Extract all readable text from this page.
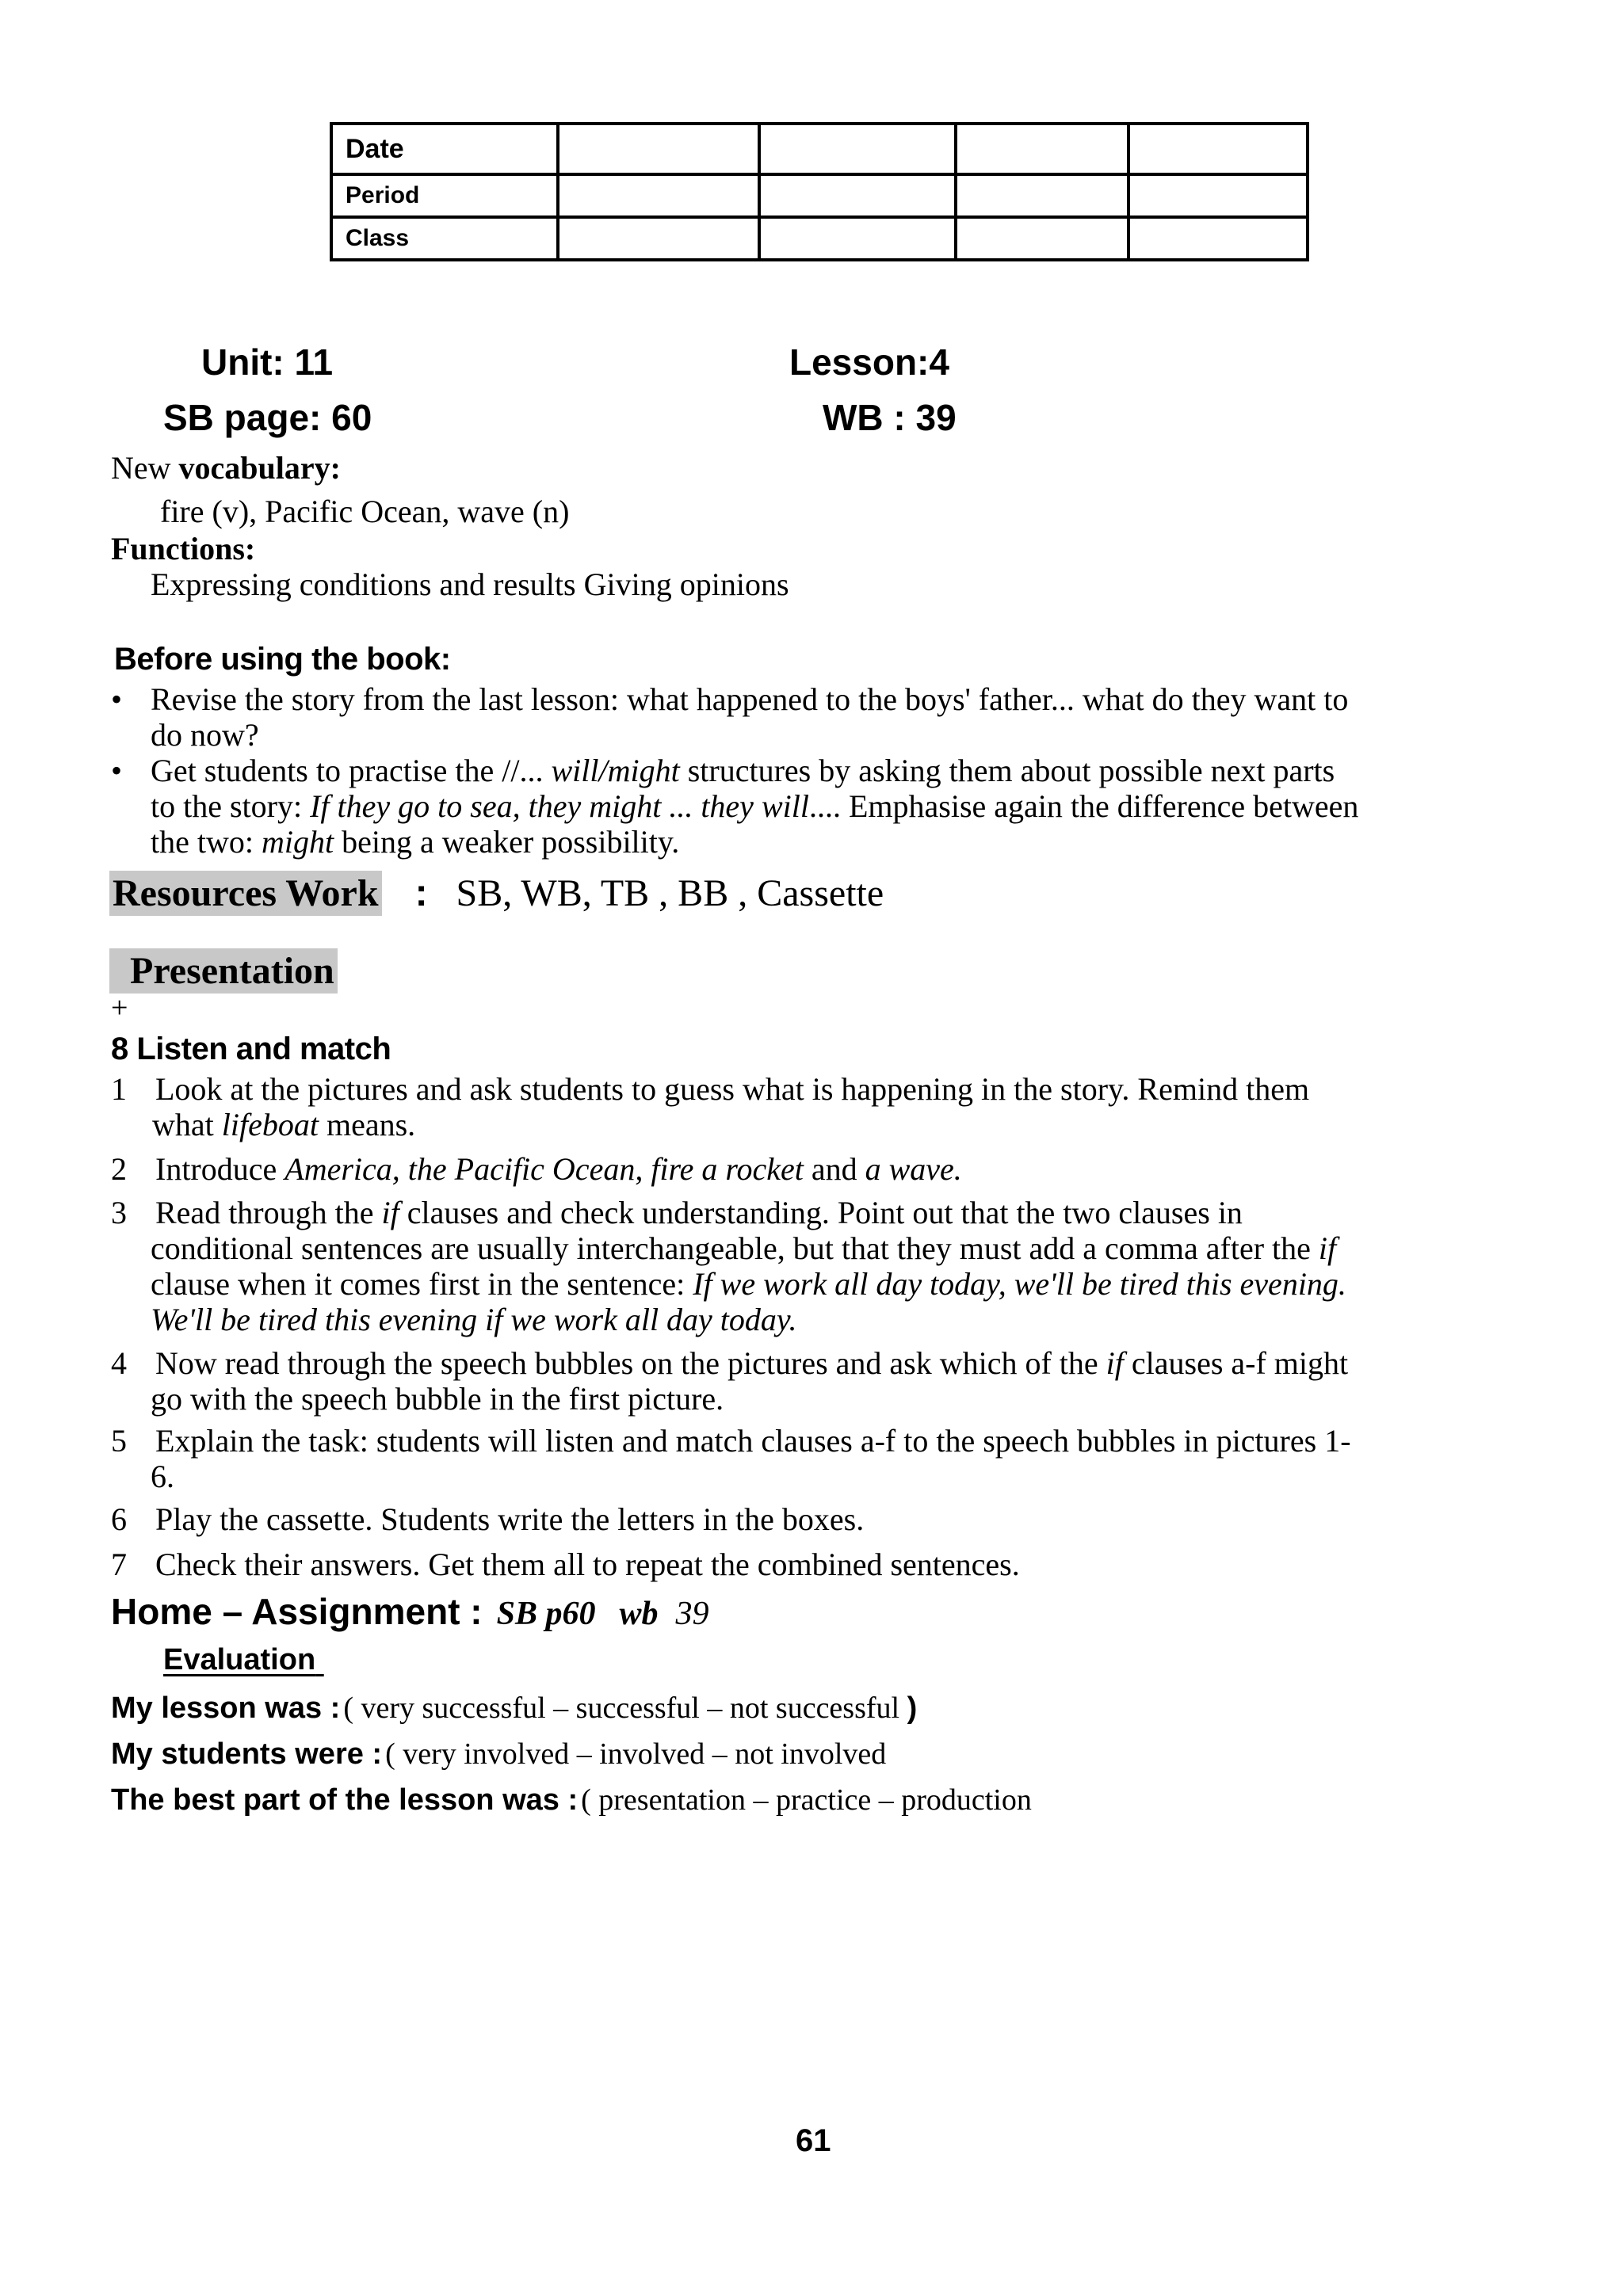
Date				
Period				
Class				
Unit: 11	Lesson:4
SB page: 60	WB : 39
New vocabulary:
fire (v), Pacific Ocean, wave (n)
Functions:
Expressing conditions and results Giving opinions
Before using the book:
• Revise the story from the last lesson: what happened to the boys' father... what do they want to
do now?
• Get students to practise the //... will/might structures by asking them about possible next parts
to the story: If they go to sea, they might ... they will.... Emphasise again the difference between
the two: might being a weaker possibility.
Resources Work : SB, WB, TB , BB , Cassette
Presentation
+
8 Listen and match
1 Look at the pictures and ask students to guess what is happening in the story. Remind them
what lifeboat means.
2 Introduce America, the Pacific Ocean, fire a rocket and a wave.
3 Read through the if clauses and check understanding. Point out that the two clauses in
conditional sentences are usually interchangeable, but that they must add a comma after the if
clause when it comes first in the sentence: If we work all day today, we'll be tired this evening.
We'll be tired this evening if we work all day today.
4 Now read through the speech bubbles on the pictures and ask which of the if clauses a-f might
go with the speech bubble in the first picture.
5 Explain the task: students will listen and match clauses a-f to the speech bubbles in pictures 1-
6.
6 Play the cassette. Students write the letters in the boxes.
7 Check their answers. Get them all to repeat the combined sentences.
Home – Assignment : SB p60 wb 39
Evaluation
My lesson was : ( very successful – successful – not successful )
My students were : ( very involved – involved – not involved
The best part of the lesson was : ( presentation – practice – production
61
